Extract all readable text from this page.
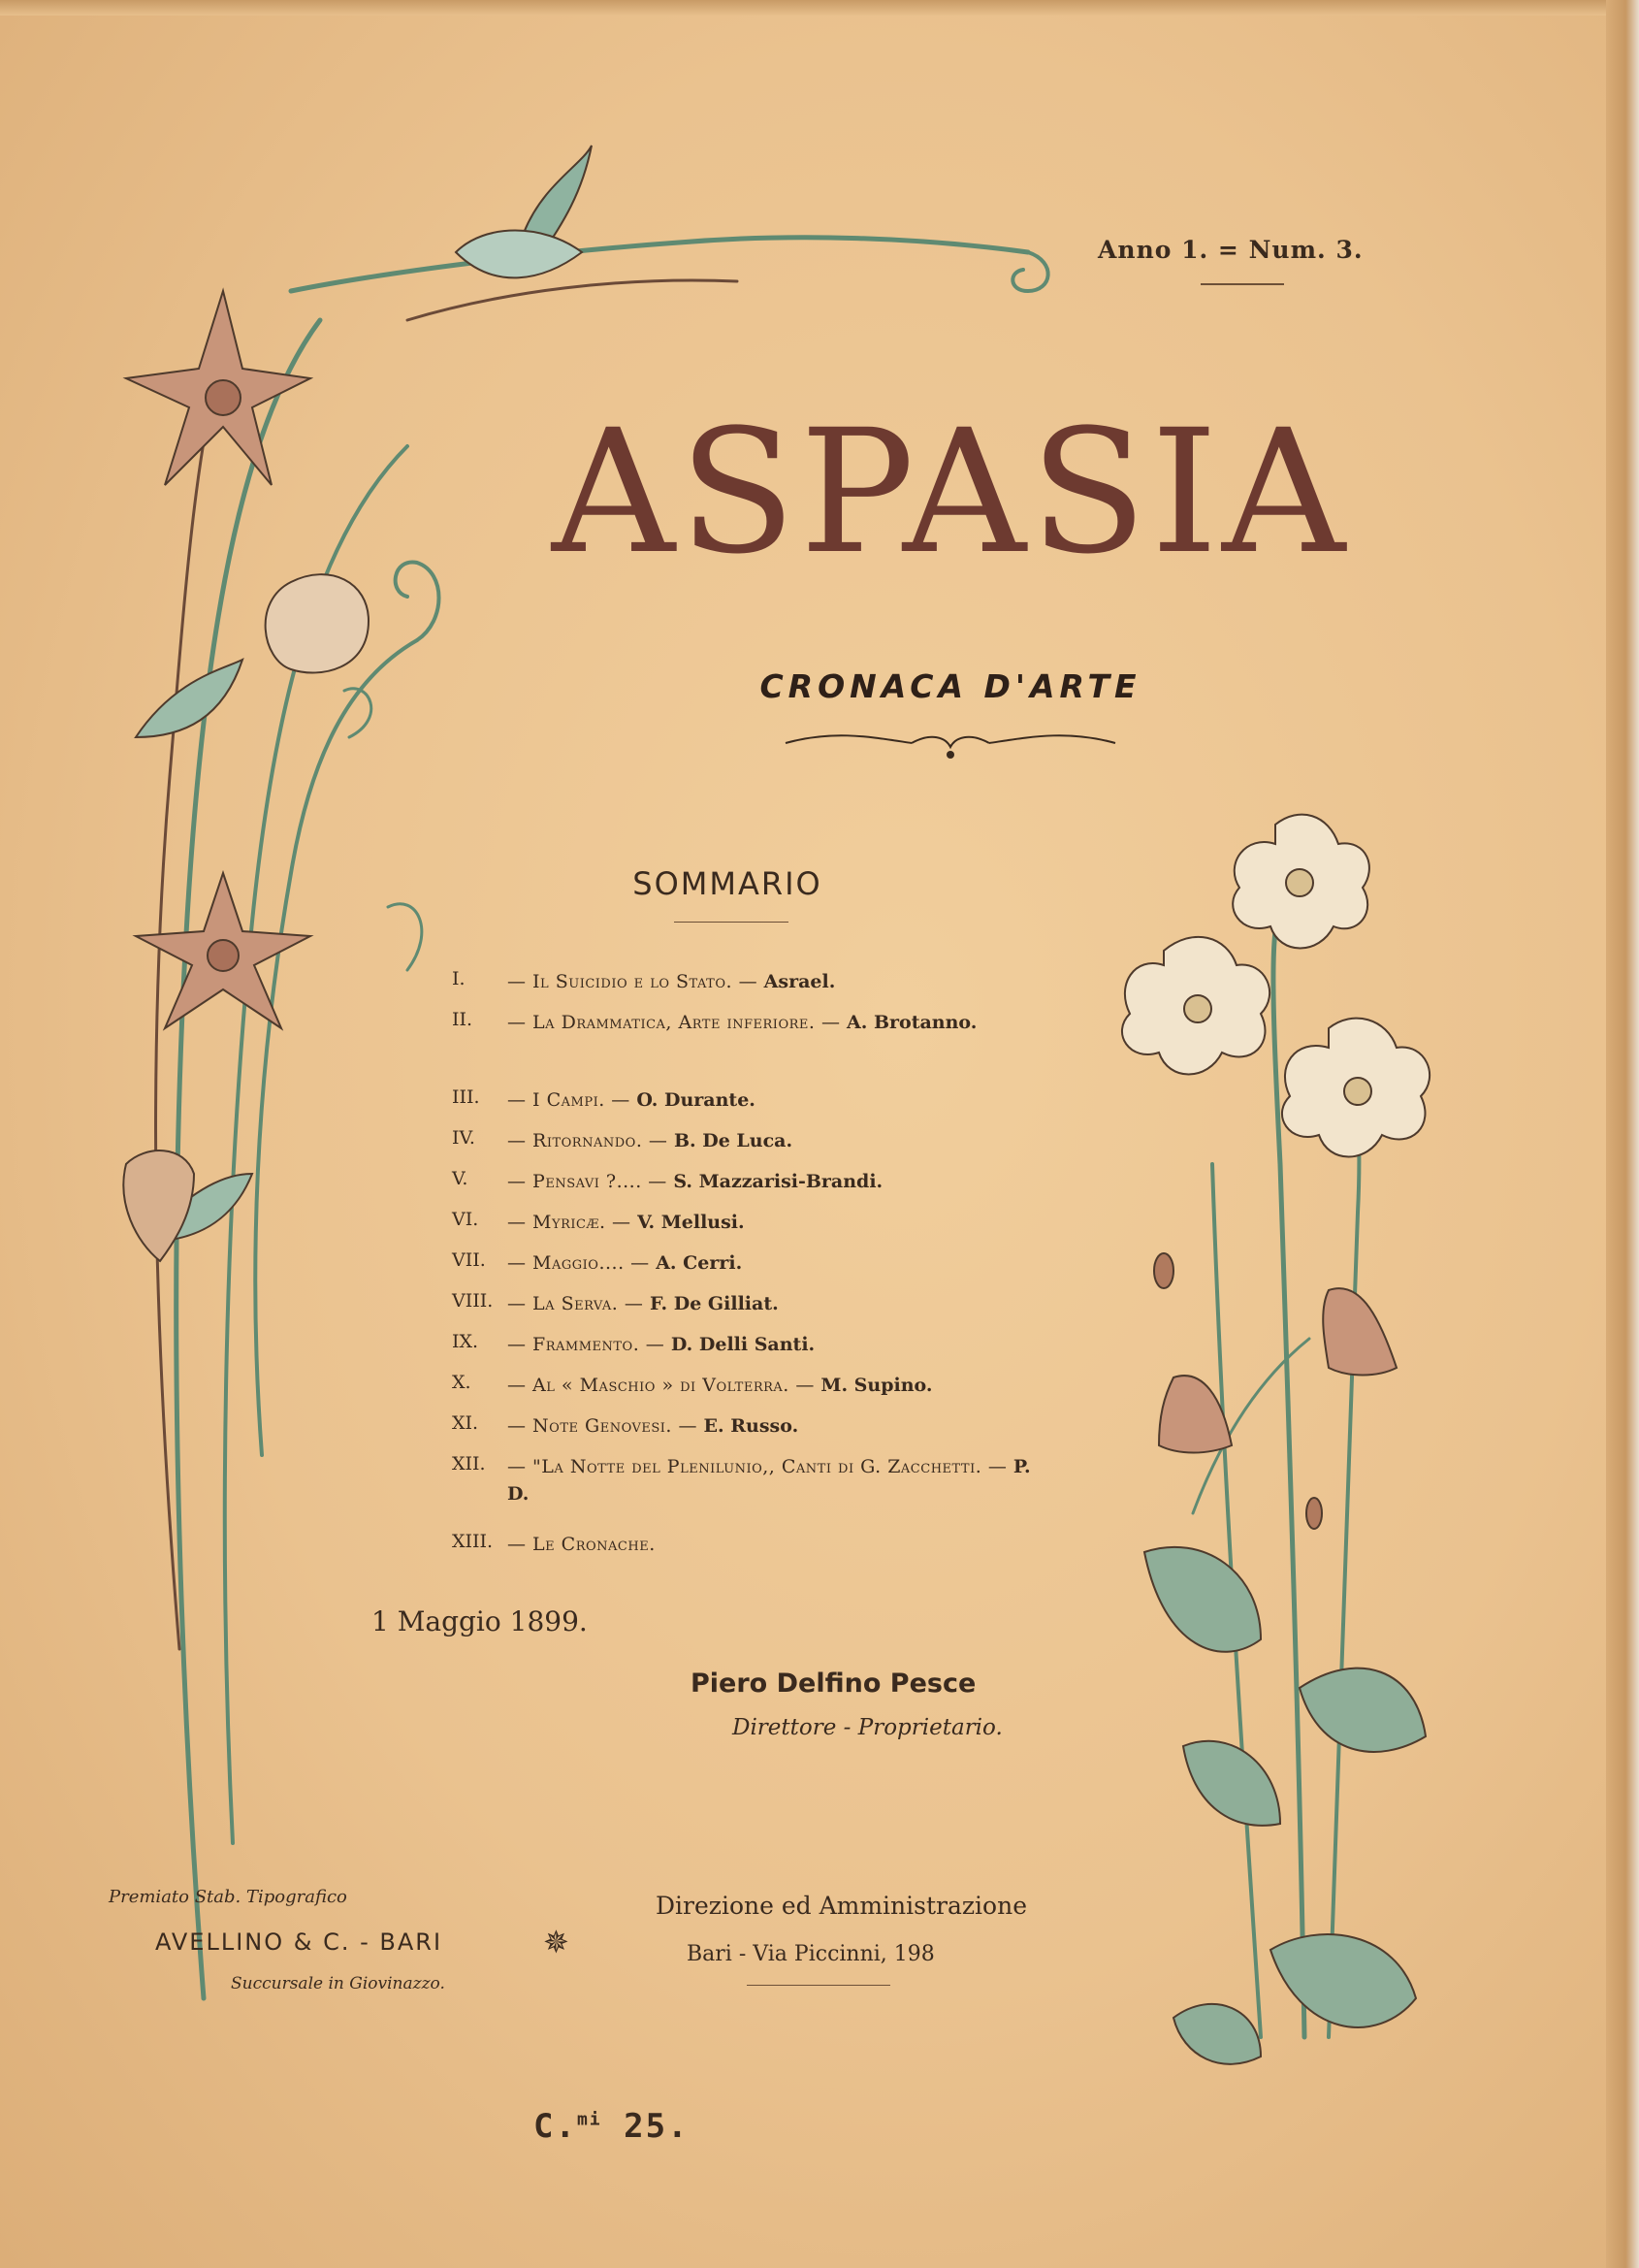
Anno 1. = Num. 3.
ASPASIA
CRONACA D'ARTE
SOMMARIO
I. — Il Suicidio e lo Stato. — Asrael.
II. — La Drammatica, Arte inferiore. — A. Brotanno.
III. — I Campi. — O. Durante.
IV. — Ritornando. — B. De Luca.
V. — Pensavi ?.... — S. Mazzarisi-Brandi.
VI. — Myricæ. — V. Mellusi.
VII. — Maggio.... — A. Cerri.
VIII. — La Serva. — F. De Gilliat.
IX. — Frammento. — D. Delli Santi.
X. — Al « Maschio » di Volterra. — M. Supino.
XI. — Note Genovesi. — E. Russo.
XII. — "La Notte del Plenilunio,, Canti di G. Zacchetti. — P. D.
XIII. — Le Cronache.
1 Maggio 1899.
Piero Delfino Pesce
Direttore - Proprietario.
Premiato Stab. Tipografico
AVELLINO & C. - BARI
Succursale in Giovinazzo.
✵
Direzione ed Amministrazione
Bari - Via Piccinni, 198
C.$^{mi}$ 25.
